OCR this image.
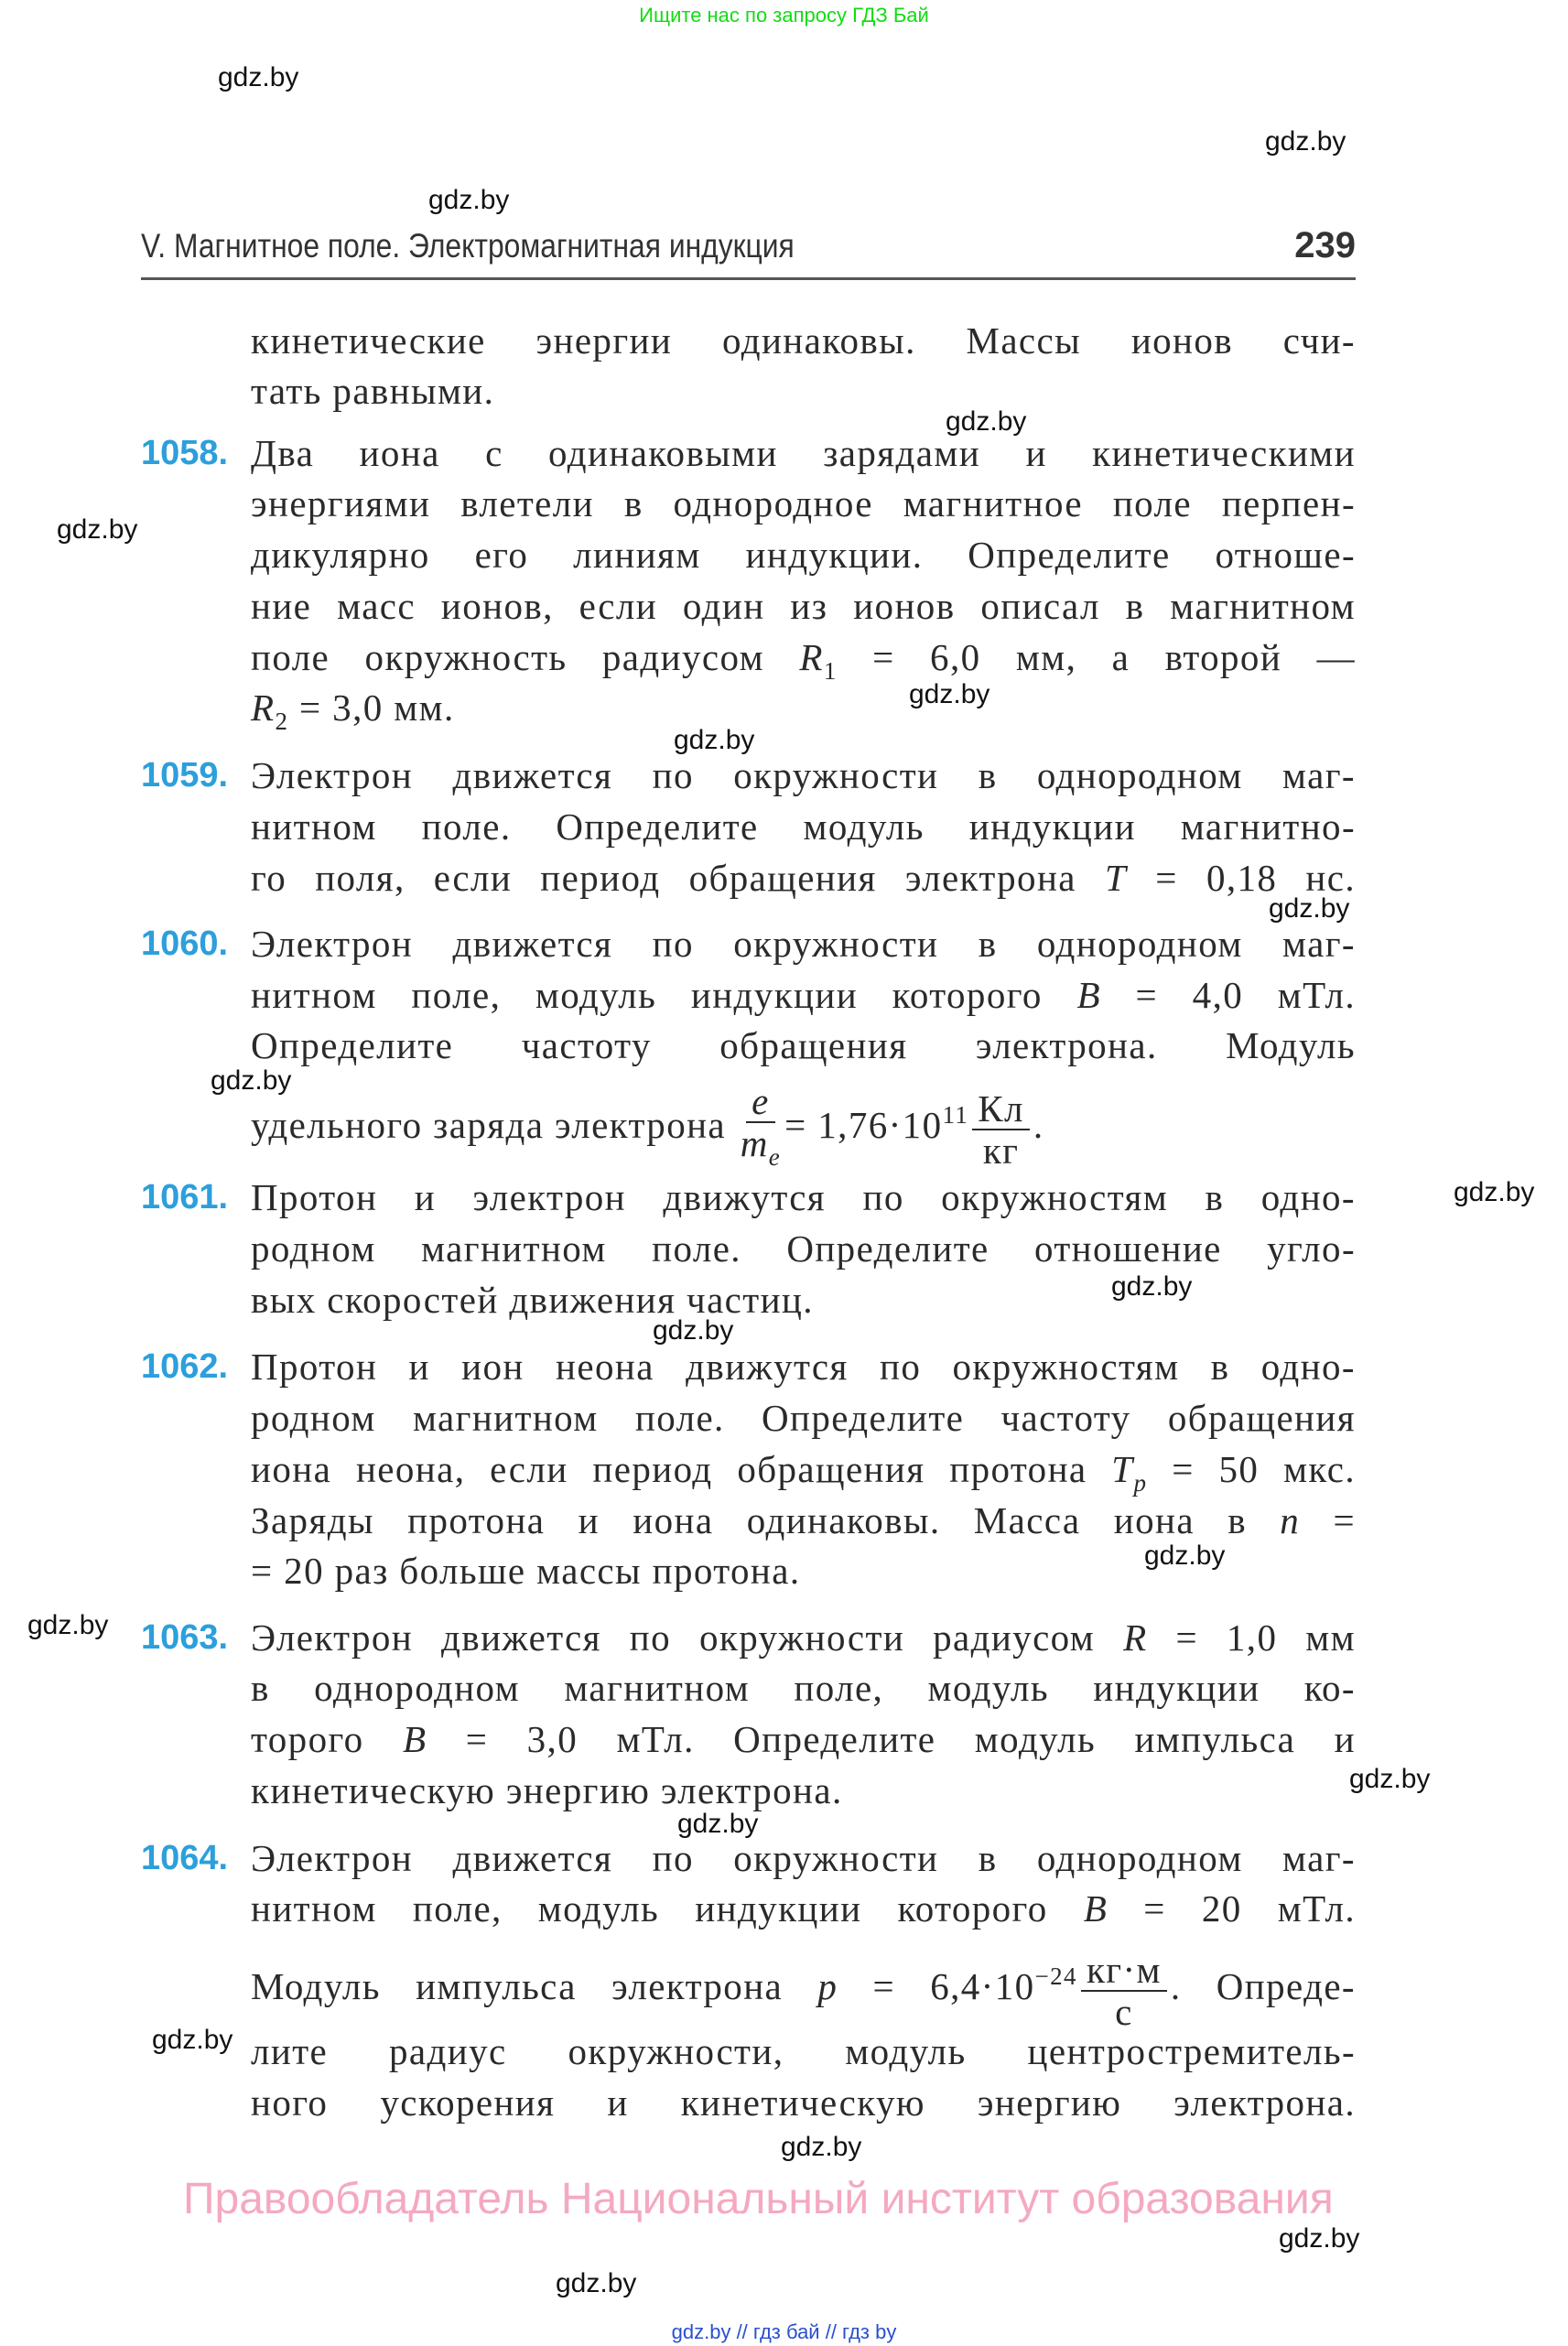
Ищите нас по запросу ГДЗ Бай
gdz.by
gdz.by
gdz.by
gdz.by
gdz.by
gdz.by
gdz.by
gdz.by
gdz.by
gdz.by
gdz.by
gdz.by
gdz.by
gdz.by
gdz.by
gdz.by
gdz.by
gdz.by
gdz.by
gdz.by
V. Магнитное поле. Электромагнитная индукция	239
кинетические энергии одинаковы. Массы ионов счи-
тать равными.
1058. Два иона с одинаковыми зарядами и кинетическими
энергиями влетели в однородное магнитное поле перпен-
дикулярно его линиям индукции. Определите отноше-
ние масс ионов, если один из ионов описал в магнитном
поле окружность радиусом $R_1 = 6,0$ мм, а второй —
$R_2 = 3,0$ мм.
1059. Электрон движется по окружности в однородном маг-
нитном поле. Определите модуль индукции магнитно-
го поля, если период обращения электрона T = 0,18 нс.
1060. Электрон движется по окружности в однородном маг-
нитном поле, модуль индукции которого B = 4,0 мТл.
Определите частоту обращения электрона. Модуль
удельного заряда электрона $\frac{e}{m_e} = 1,76\cdot 10^{11} \frac{Кл}{кг}$ .
1061. Протон и электрон движутся по окружностям в одно-
родном магнитном поле. Определите отношение угло-
вых скоростей движения частиц.
1062. Протон и ион неона движутся по окружностям в одно-
родном магнитном поле. Определите частоту обращения
иона неона, если период обращения протона $T_p = 50$ мкс.
Заряды протона и иона одинаковы. Масса иона в n =
= 20 раз больше массы протона.
1063. Электрон движется по окружности радиусом R = 1,0 мм
в однородном магнитном поле, модуль индукции ко-
торого B = 3,0 мТл. Определите модуль импульса и
кинетическую энергию электрона.
1064. Электрон движется по окружности в однородном маг-
нитном поле, модуль индукции которого B = 20 мТл.
Модуль импульса электрона $p = 6,4\cdot 10^{-24} \frac{кг\cdot м}{с}$ . Опреде-
лите радиус окружности, модуль центростремитель-
ного ускорения и кинетическую энергию электрона.
Правообладатель Национальный институт образования
gdz.by // гдз бай // гдз by
